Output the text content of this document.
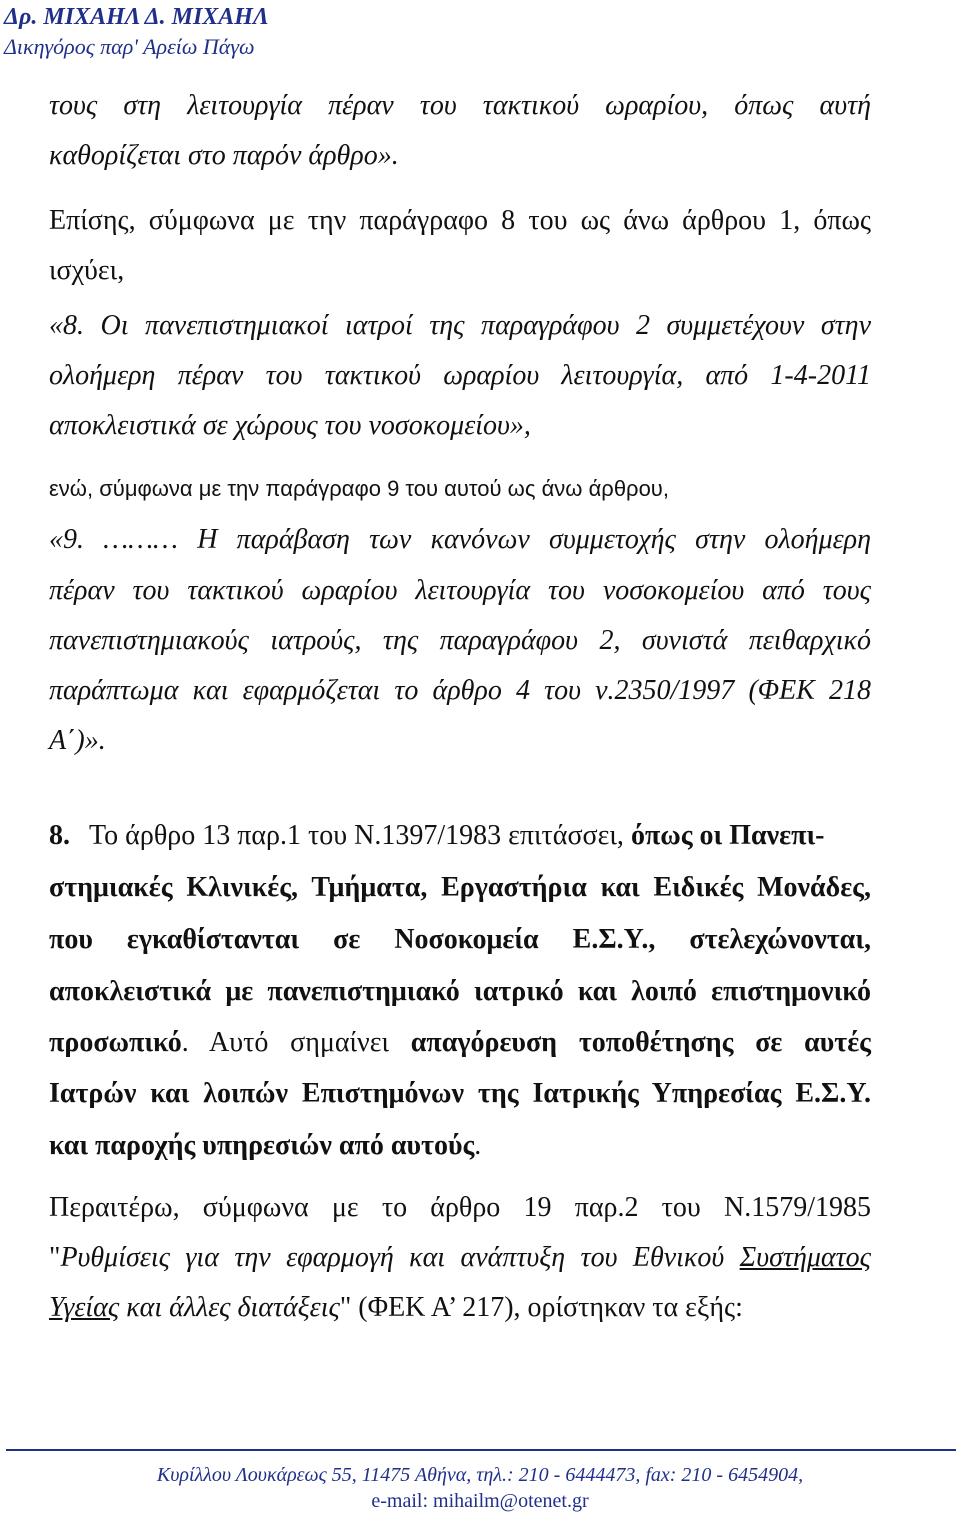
Δρ. ΜΙΧΑΗΛ Δ. ΜΙΧΑΗΛ
Δικηγόρος παρ' Αρείω Πάγω
τους στη λειτουργία πέραν του τακτικού ωραρίου, όπως αυτή
καθορίζεται στο παρόν άρθρο».
Επίσης, σύμφωνα με την παράγραφο 8 του ως άνω άρθρου 1, όπως
ισχύει,
«8. Οι πανεπιστημιακοί ιατροί της παραγράφου 2 συμμετέχουν στην
ολοήμερη πέραν του τακτικού ωραρίου λειτουργία, από 1-4-2011
αποκλειστικά σε χώρους του νοσοκομείου»,
ενώ, σύμφωνα με την παράγραφο 9 του αυτού ως άνω άρθρου,
«9. ……… Η παράβαση των κανόνων συμμετοχής στην ολοήμερη
πέραν του τακτικού ωραρίου λειτουργία του νοσοκομείου από τους
πανεπιστημιακούς ιατρούς, της παραγράφου 2, συνιστά πειθαρχικό
παράπτωμα και εφαρμόζεται το άρθρο 4 του ν.2350/1997 (ΦΕΚ 218
Α΄)».
8. Το άρθρο 13 παρ.1 του Ν.1397/1983 επιτάσσει, όπως οι Πανεπι-
στημιακές Κλινικές, Τμήματα, Εργαστήρια και Ειδικές Μονάδες,
που εγκαθίστανται σε Νοσοκομεία Ε.Σ.Υ., στελεχώνονται,
αποκλειστικά με πανεπιστημιακό ιατρικό και λοιπό επιστημονικό
προσωπικό. Αυτό σημαίνει απαγόρευση τοποθέτησης σε αυτές
Ιατρών και λοιπών Επιστημόνων της Ιατρικής Υπηρεσίας Ε.Σ.Υ.
και παροχής υπηρεσιών από αυτούς.
Περαιτέρω, σύμφωνα με το άρθρο 19 παρ.2 του Ν.1579/1985
"Ρυθμίσεις για την εφαρμογή και ανάπτυξη του Εθνικού Συστήματος
Υγείας και άλλες διατάξεις" (ΦΕΚ Α’ 217), ορίστηκαν τα εξής:
Κυρίλλου Λουκάρεως 55, 11475 Αθήνα, τηλ.: 210 - 6444473, fax: 210 - 6454904,
e-mail: mihailm@otenet.gr
